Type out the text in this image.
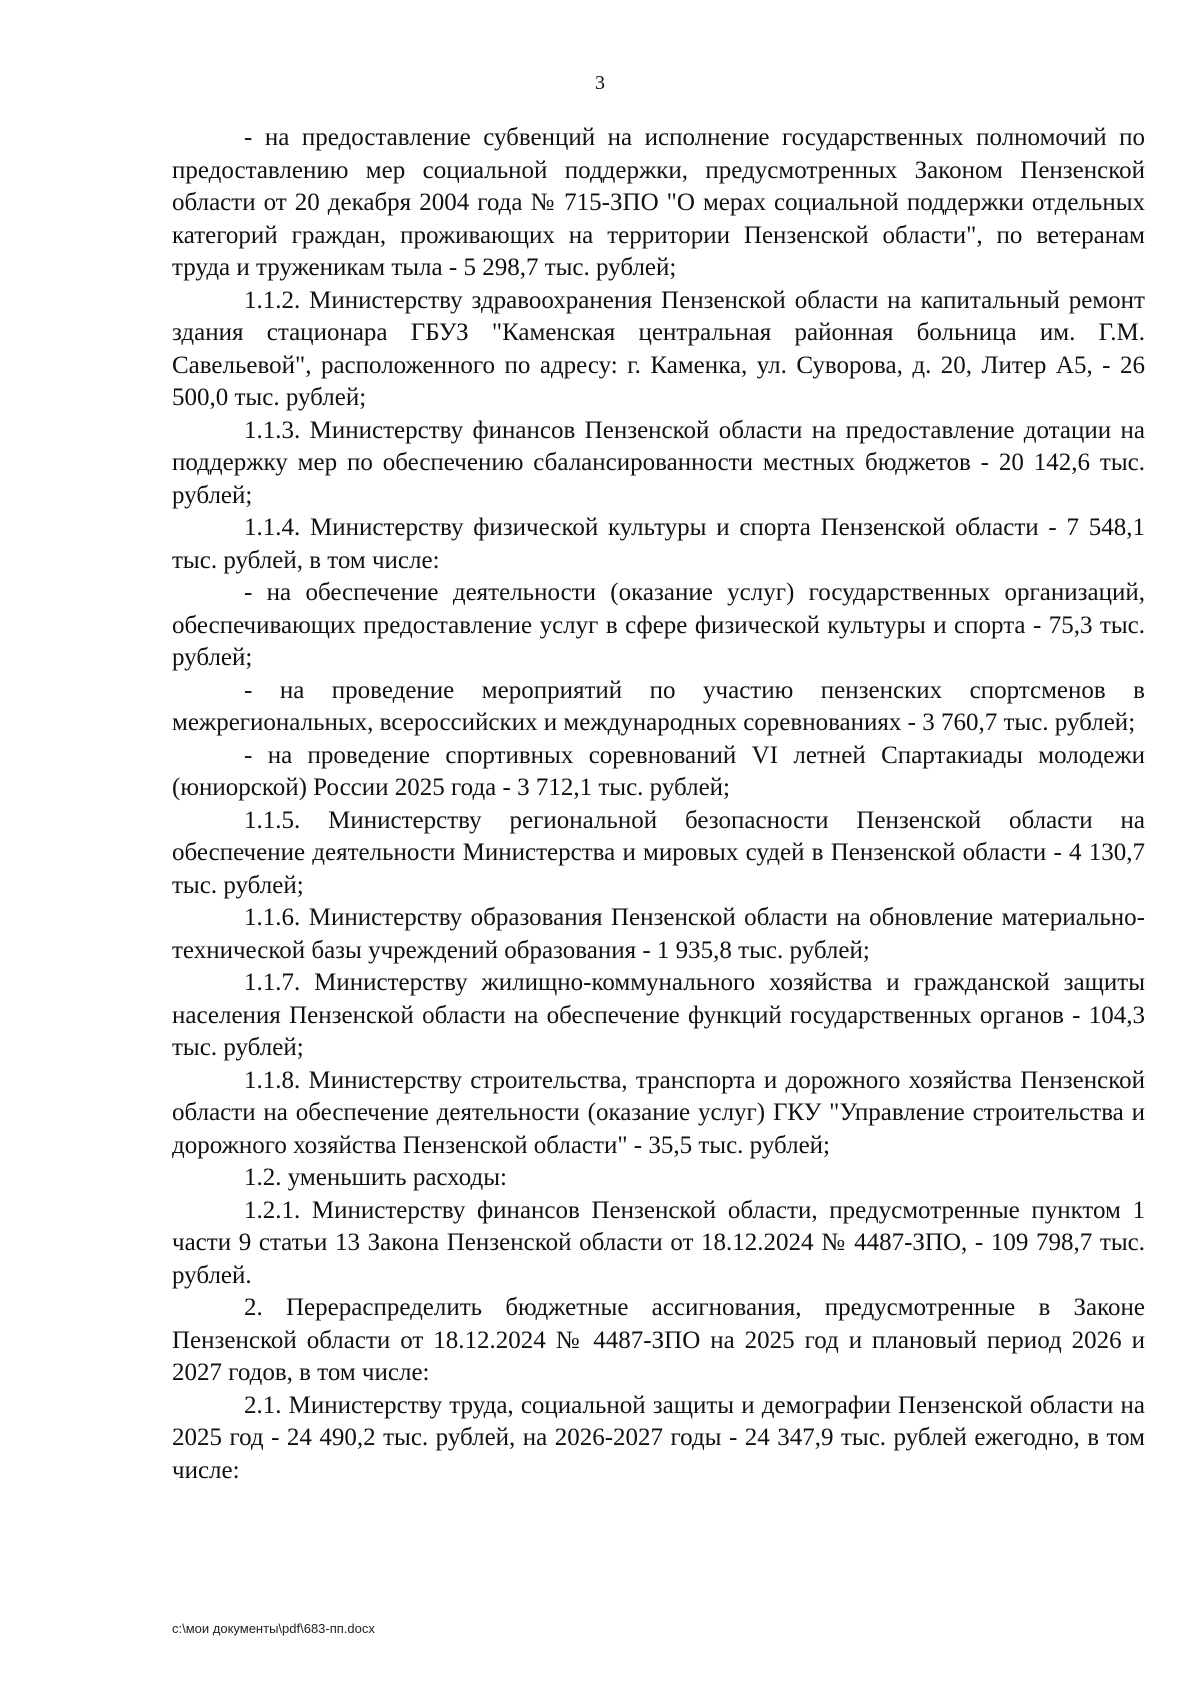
3

- на предоставление субвенций на исполнение государственных полномочий по предоставлению мер социальной поддержки, предусмотренных Законом Пензенской области от 20 декабря 2004 года № 715-ЗПО "О мерах социальной поддержки отдельных категорий граждан, проживающих на территории Пензенской области", по ветеранам труда и труженикам тыла - 5 298,7 тыс. рублей;

1.1.2. Министерству здравоохранения Пензенской области на капитальный ремонт здания стационара ГБУЗ "Каменская центральная районная больница им. Г.М. Савельевой", расположенного по адресу: г. Каменка, ул. Суворова, д. 20, Литер А5, - 26 500,0 тыс. рублей;

1.1.3. Министерству финансов Пензенской области на предоставление дотации на поддержку мер по обеспечению сбалансированности местных бюджетов - 20 142,6 тыс. рублей;

1.1.4. Министерству физической культуры и спорта Пензенской области - 7 548,1 тыс. рублей, в том числе:

- на обеспечение деятельности (оказание услуг) государственных организаций, обеспечивающих предоставление услуг в сфере физической культуры и спорта - 75,3 тыс. рублей;

- на проведение мероприятий по участию пензенских спортсменов в межрегиональных, всероссийских и международных соревнованиях - 3 760,7 тыс. рублей;

- на проведение спортивных соревнований VI летней Спартакиады молодежи (юниорской) России 2025 года - 3 712,1 тыс. рублей;

1.1.5. Министерству региональной безопасности Пензенской области на обеспечение деятельности Министерства и мировых судей в Пензенской области - 4 130,7 тыс. рублей;

1.1.6. Министерству образования Пензенской области на обновление материально-технической базы учреждений образования - 1 935,8 тыс. рублей;

1.1.7. Министерству жилищно-коммунального хозяйства и гражданской защиты населения Пензенской области на обеспечение функций государственных органов - 104,3 тыс. рублей;

1.1.8. Министерству строительства, транспорта и дорожного хозяйства Пензенской области на обеспечение деятельности (оказание услуг) ГКУ "Управление строительства и дорожного хозяйства Пензенской области" - 35,5 тыс. рублей;

1.2. уменьшить расходы:

1.2.1. Министерству финансов Пензенской области, предусмотренные пунктом 1 части 9 статьи 13 Закона Пензенской области от 18.12.2024 № 4487-ЗПО, - 109 798,7 тыс. рублей.

2. Перераспределить бюджетные ассигнования, предусмотренные в Законе Пензенской области от 18.12.2024 № 4487-ЗПО на 2025 год и плановый период 2026 и 2027 годов, в том числе:

2.1. Министерству труда, социальной защиты и демографии Пензенской области на 2025 год - 24 490,2 тыс. рублей, на 2026-2027 годы - 24 347,9 тыс. рублей ежегодно, в том числе:

c:\мои документы\pdf\683-пп.docx
